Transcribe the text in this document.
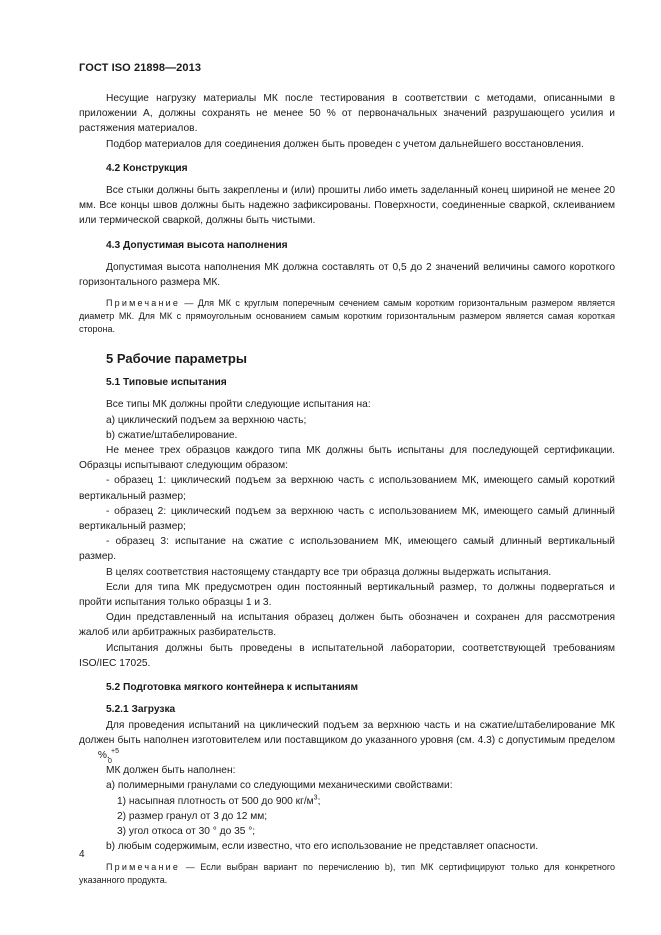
ГОСТ ISO 21898—2013

Несущие нагрузку материалы МК после тестирования в соответствии с методами, описанными в приложении А, должны сохранять не менее 50 % от первоначальных значений разрушающего усилия и растяжения материалов.

Подбор материалов для соединения должен быть проведен с учетом дальнейшего восстановления.

4.2 Конструкция

Все стыки должны быть закреплены и (или) прошиты либо иметь заделанный конец шириной не менее 20 мм. Все концы швов должны быть надежно зафиксированы. Поверхности, соединенные сваркой, склеиванием или термической сваркой, должны быть чистыми.

4.3 Допустимая высота наполнения

Допустимая высота наполнения МК должна составлять от 0,5 до 2 значений величины самого короткого горизонтального размера МК.

Примечание — Для МК с круглым поперечным сечением самым коротким горизонтальным размером является диаметр МК. Для МК с прямоугольным основанием самым коротким горизонтальным размером является самая короткая сторона.

5 Рабочие параметры

5.1 Типовые испытания

Все типы МК должны пройти следующие испытания на:

a) циклический подъем за верхнюю часть;

b) сжатие/штабелирование.

Не менее трех образцов каждого типа МК должны быть испытаны для последующей сертификации. Образцы испытывают следующим образом:

- образец 1: циклический подъем за верхнюю часть с использованием МК, имеющего самый короткий вертикальный размер;

- образец 2: циклический подъем за верхнюю часть с использованием МК, имеющего самый длинный вертикальный размер;

- образец 3: испытание на сжатие с использованием МК, имеющего самый длинный вертикальный размер.

В целях соответствия настоящему стандарту все три образца должны выдержать испытания.

Если для типа МК предусмотрен один постоянный вертикальный размер, то должны подвергаться и пройти испытания только образцы 1 и 3.

Один представленный на испытания образец должен быть обозначен и сохранен для рассмотрения жалоб или арбитражных разбирательств.

Испытания должны быть проведены в испытательной лаборатории, соответствующей требованиям ISO/IEC 17025.

5.2 Подготовка мягкого контейнера к испытаниям

5.2.1 Загрузка

Для проведения испытаний на циклический подъем за верхнюю часть и на сжатие/штабелирование МК должен быть наполнен изготовителем или поставщиком до указанного уровня (см. 4.3) с допустимым пределом
+5
0
%.

МК должен быть наполнен:

a) полимерными гранулами со следующими механическими свойствами:

1) насыпная плотность от 500 до 900 $кг/м^3$;

2) размер гранул от 3 до 12 мм;

3) угол откоса от 30 ° до 35 °;

b) любым содержимым, если известно, что его использование не представляет опасности.

Примечание — Если выбран вариант по перечислению b), тип МК сертифицируют только для конкретного указанного продукта.

4
